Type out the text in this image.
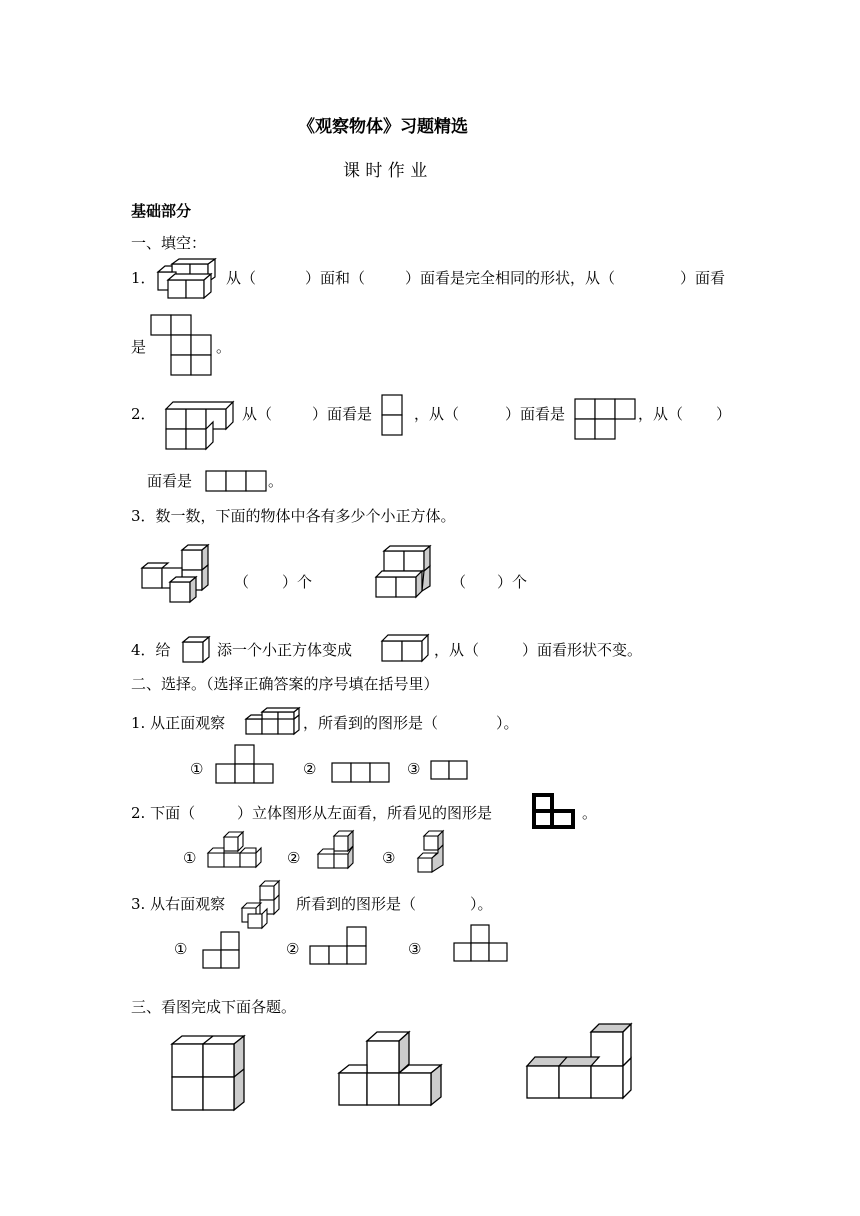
《观察物体》习题精选
课 时 作 业
基础部分
一、填空：
1．	从（	）面和（	）面看是完全相同的形状，从（	）面看
是	。
2．	从（	）面看是	，从（	）面看是	，从（ ）
面看是	。
3．数一数，下面的物体中各有多少个小正方体。
（ ）个	（ ）个
4．给	添一个小正方体变成	，从（	）面看形状不变。
二、选择。（选择正确答案的序号填在括号里）
1. 从正面观察	，所看到的图形是（	）。
①	②	③
2. 下面（	）立体图形从左面看，所看见的图形是	。
①	②	③
3. 从右面观察	所看到的图形是（	）。
①	②	③
三、看图完成下面各题。
